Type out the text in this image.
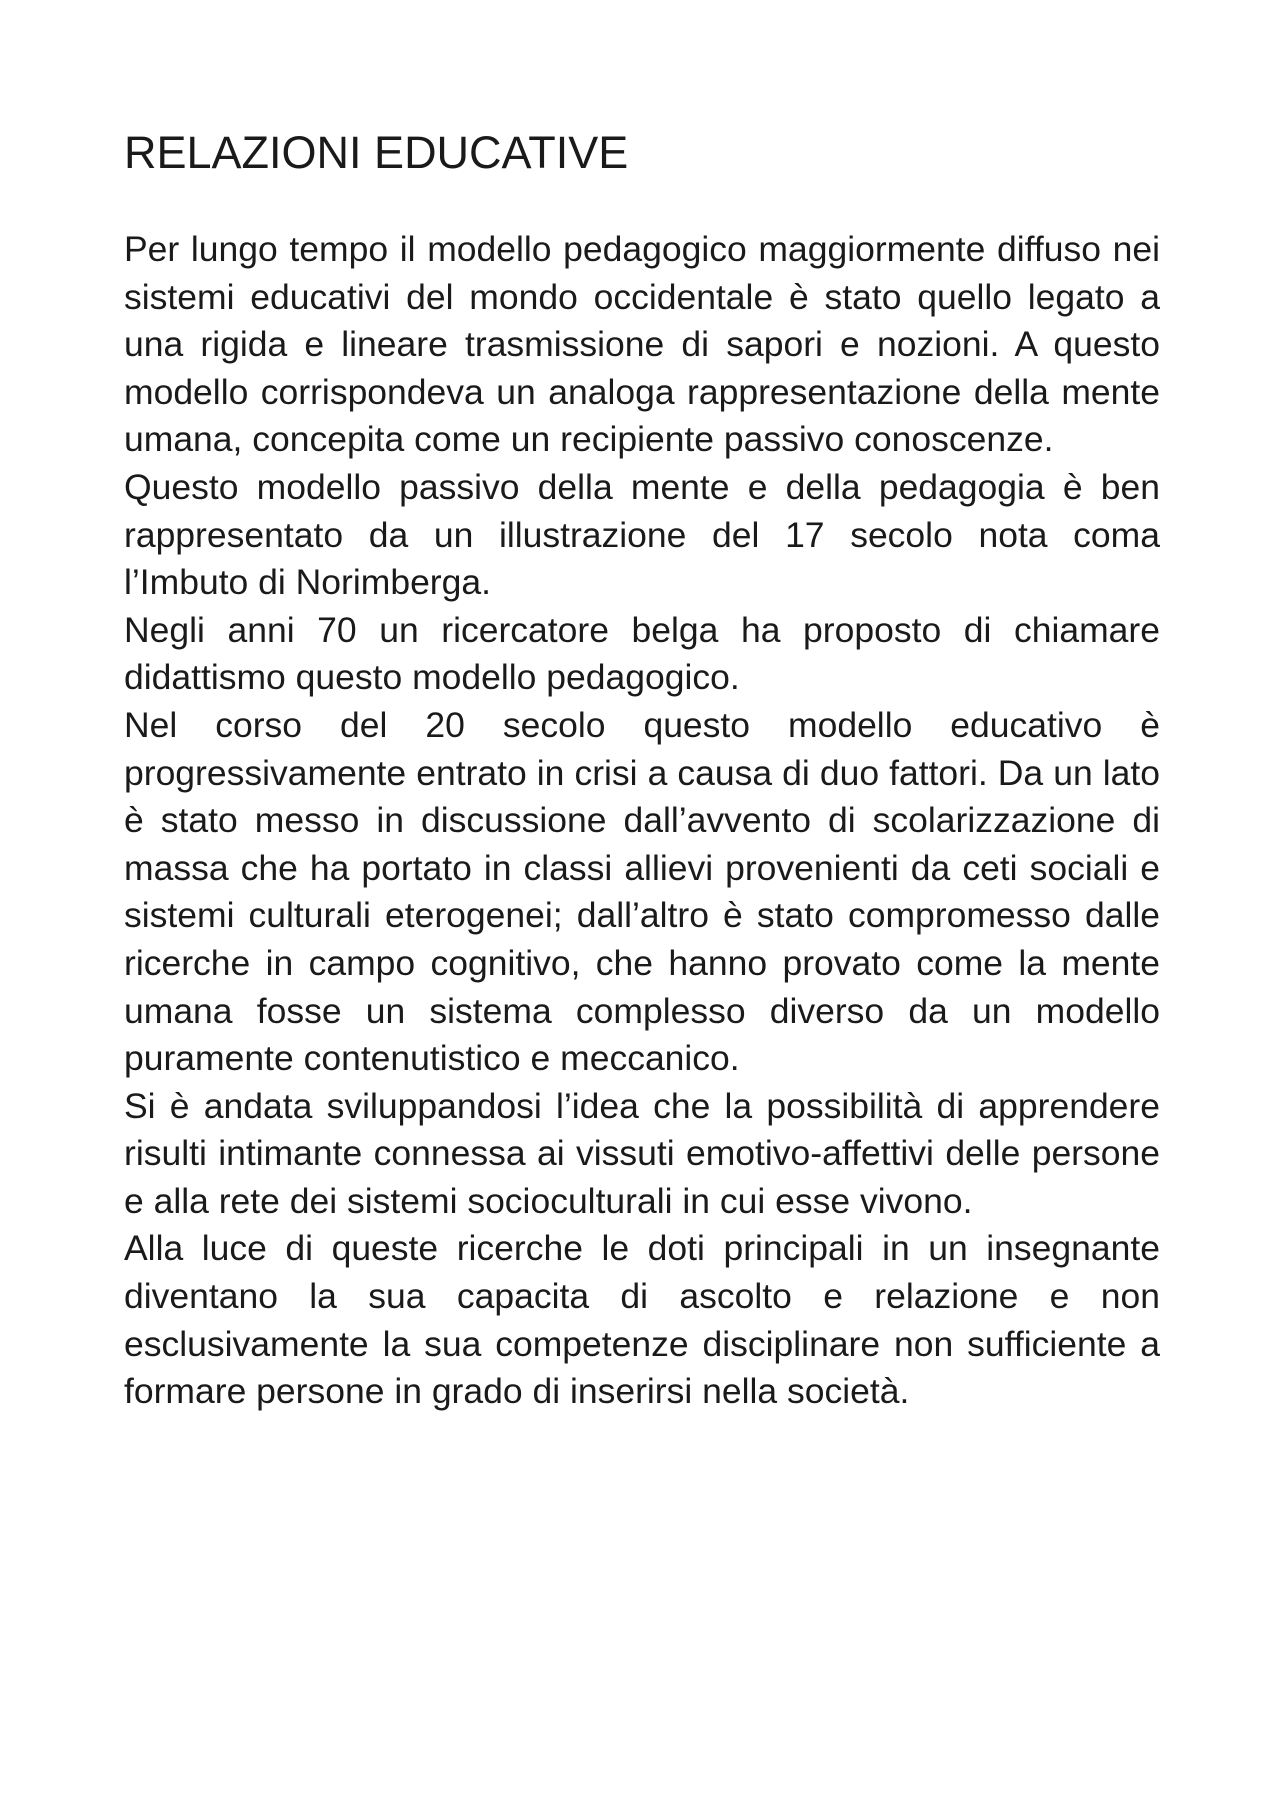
RELAZIONI EDUCATIVE

Per lungo tempo il modello pedagogico maggiormente diffuso nei sistemi educativi del mondo occidentale è stato quello legato a una rigida e lineare trasmissione di sapori e nozioni. A questo modello corrispondeva un analoga rappresentazione della mente umana, concepita come un recipiente passivo conoscenze.

Questo modello passivo della mente e della pedagogia è ben rappresentato da un illustrazione del 17 secolo nota coma l’Imbuto di Norimberga.

Negli anni 70 un ricercatore belga ha proposto di chiamare didattismo questo modello pedagogico.

Nel corso del 20 secolo questo modello educativo è progressivamente entrato in crisi a causa di duo fattori. Da un lato è stato messo in discussione dall’avvento di scolarizzazione di massa che ha portato in classi allievi provenienti da ceti sociali e sistemi culturali eterogenei; dall’altro è stato compromesso dalle ricerche in campo cognitivo, che hanno provato come la mente umana fosse un sistema complesso diverso da un modello puramente contenutistico e meccanico.

Si è andata sviluppandosi l’idea che la possibilità di apprendere risulti intimante connessa ai vissuti emotivo-affettivi delle persone e alla rete dei sistemi socioculturali in cui esse vivono.

Alla luce di queste ricerche le doti principali in un insegnante diventano la sua capacita di ascolto e relazione e non esclusivamente la sua competenze disciplinare non sufficiente a formare persone in grado di inserirsi nella società.
